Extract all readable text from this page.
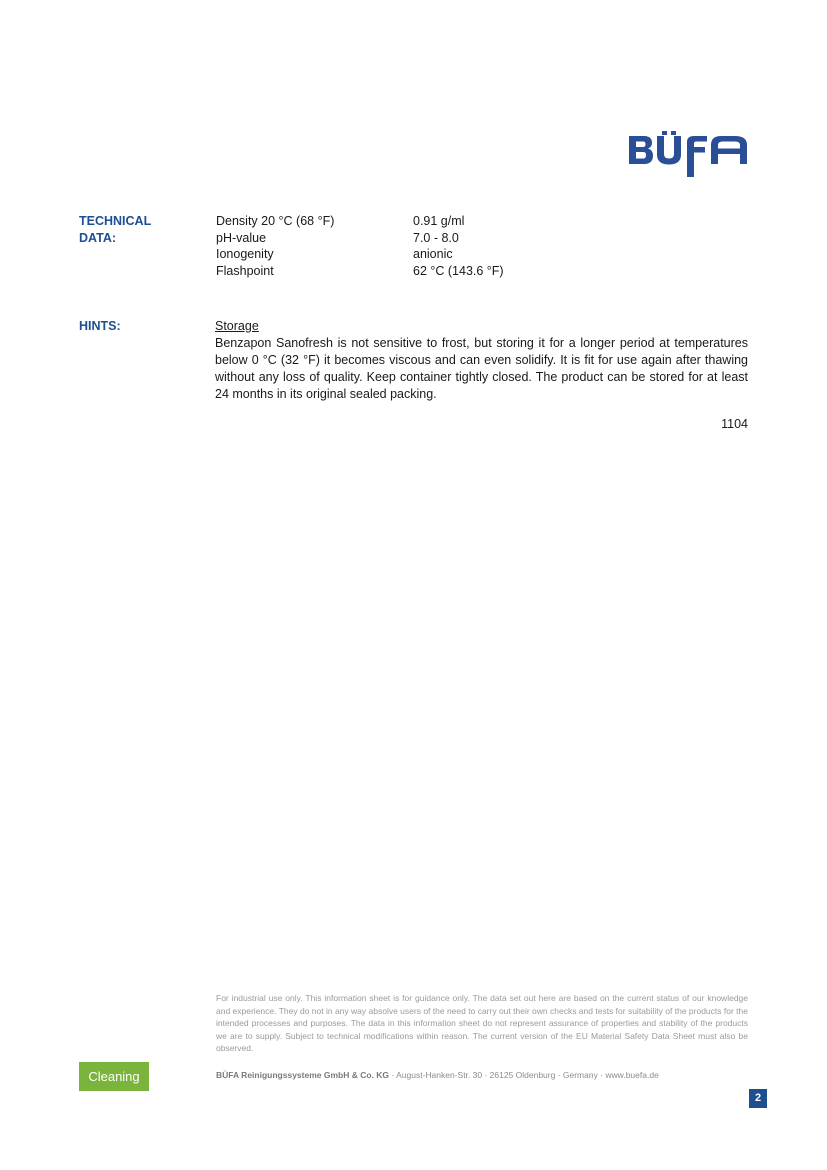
TECHNICAL
DATA:
Density 20 °C (68 °F)	0.91 g/ml
pH-value	7.0 - 8.0
Ionogenity	anionic
Flashpoint	62 °C (143.6 °F)
HINTS:	Storage
Benzapon Sanofresh is not sensitive to frost, but storing it for a longer period at temperatures below 0 °C (32 °F) it becomes viscous and can even solidify. It is fit for use again after thawing without any loss of quality. Keep container tightly closed. The product can be stored for at least 24 months in its original sealed packing.
1104
For industrial use only. This information sheet is for guidance only. The data set out here are based on the current status of our knowledge and experience. They do not in any way absolve users of the need to carry out their own checks and tests for suitability of the products for the intended processes and purposes. The data in this information sheet do not represent assurance of properties and stability of the products we are to supply. Subject to technical modifications within reason. The current version of the EU Material Safety Data Sheet must also be observed.
Cleaning	BÜFA Reinigungssysteme GmbH & Co. KG · August-Hanken-Str. 30 · 26125 Oldenburg · Germany · www.buefa.de
2
